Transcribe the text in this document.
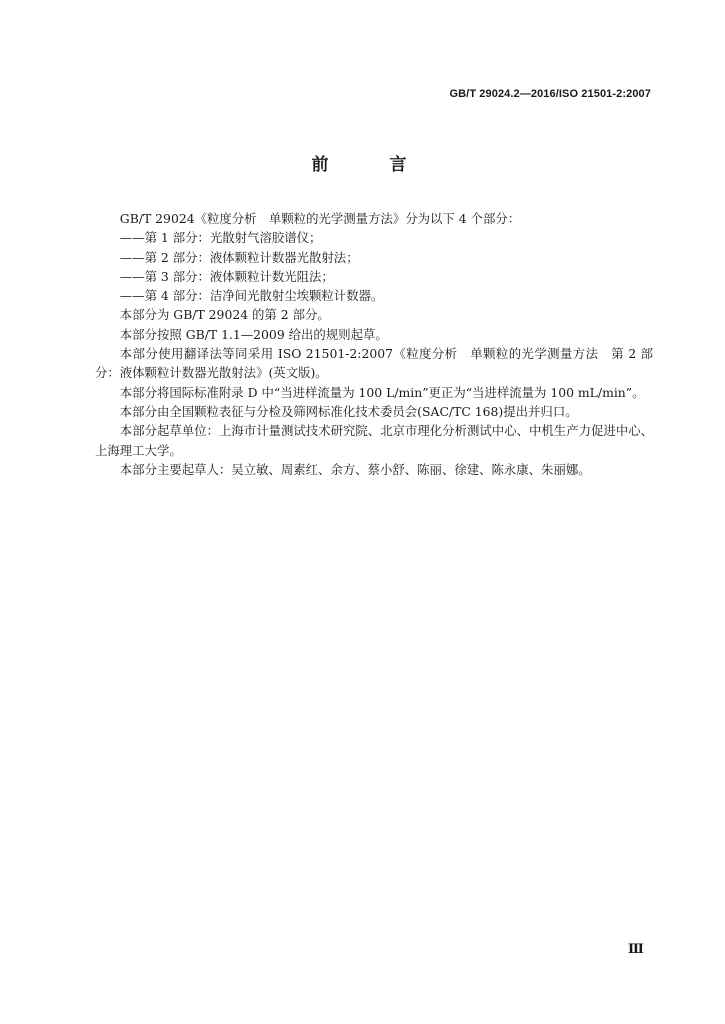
GB/T 29024.2—2016/ISO 21501-2:2007
前　言

GB/T 29024《粒度分析　单颗粒的光学测量方法》分为以下 4 个部分：

——第 1 部分：光散射气溶胶谱仪；

——第 2 部分：液体颗粒计数器光散射法；

——第 3 部分：液体颗粒计数光阻法；

——第 4 部分：洁净间光散射尘埃颗粒计数器。

本部分为 GB/T 29024 的第 2 部分。

本部分按照 GB/T 1.1—2009 给出的规则起草。

本部分使用翻译法等同采用 ISO 21501-2:2007《粒度分析　单颗粒的光学测量方法　第 2 部分：液体颗粒计数器光散射法》(英文版)。

本部分将国际标准附录 D 中“当进样流量为 100 L/min”更正为“当进样流量为 100 mL/min”。

本部分由全国颗粒表征与分检及筛网标准化技术委员会(SAC/TC 168)提出并归口。

本部分起草单位：上海市计量测试技术研究院、北京市理化分析测试中心、中机生产力促进中心、上海理工大学。

本部分主要起草人：吴立敏、周素红、余方、蔡小舒、陈丽、徐建、陈永康、朱丽娜。

Ⅲ
